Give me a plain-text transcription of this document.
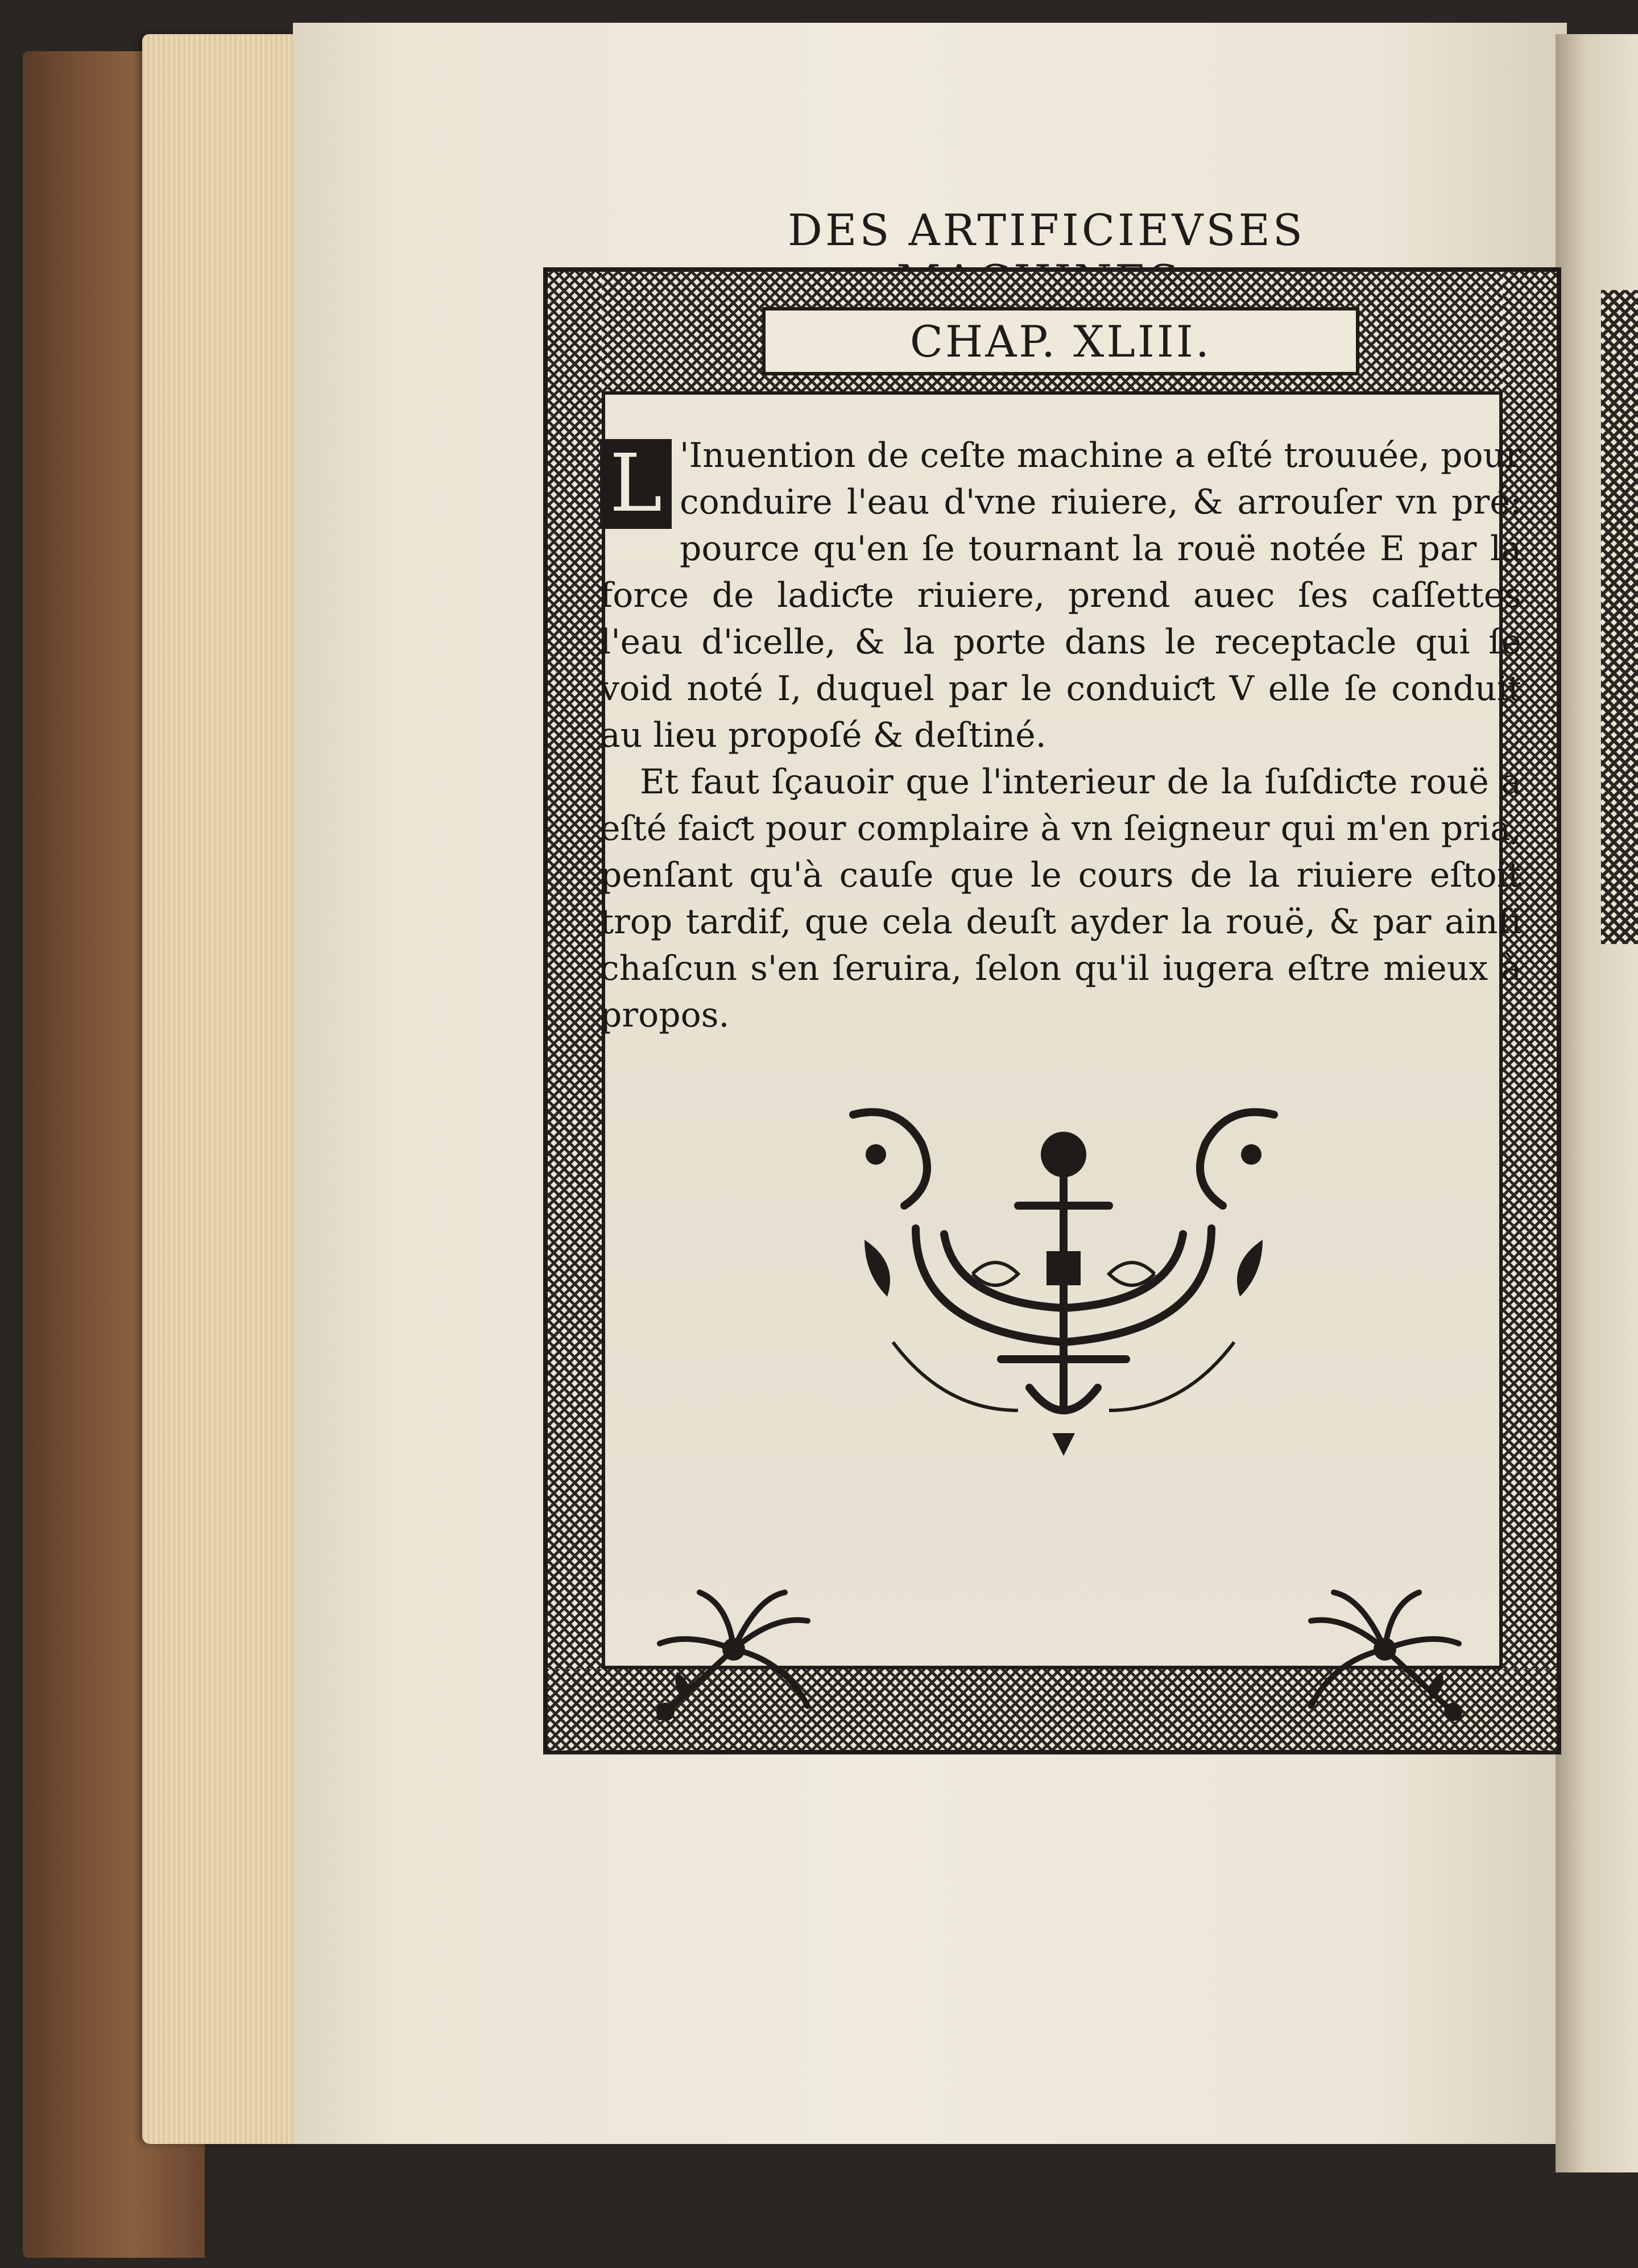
DES ARTIFICIEVSES
CHAP. XLIII.

L 'Inuention de ceſte machine a eſté trouuée, pour conduire l'eau d'vne riuiere, & arrouſer vn pré: pource qu'en ſe tournant la rouë notée E par la force de ladiƈte riuiere, prend auec ſes caſſettes l'eau d'icelle, & la porte dans le receptacle qui ſe void noté I, duquel par le conduiƈt V elle ſe conduit au lieu propoſé & deſtiné.

Et faut ſçauoir que l'interieur de la ſuſdiƈte rouë a eſté faiƈt pour complaire à vn ſeigneur qui m'en pria, penſant qu'à cauſe que le cours de la riuiere eſtoit trop tardif, que cela deuſt ayder la rouë, & par ainſi chaſcun s'en ſeruira, ſelon qu'il iugera eſtre mieux à propos.
